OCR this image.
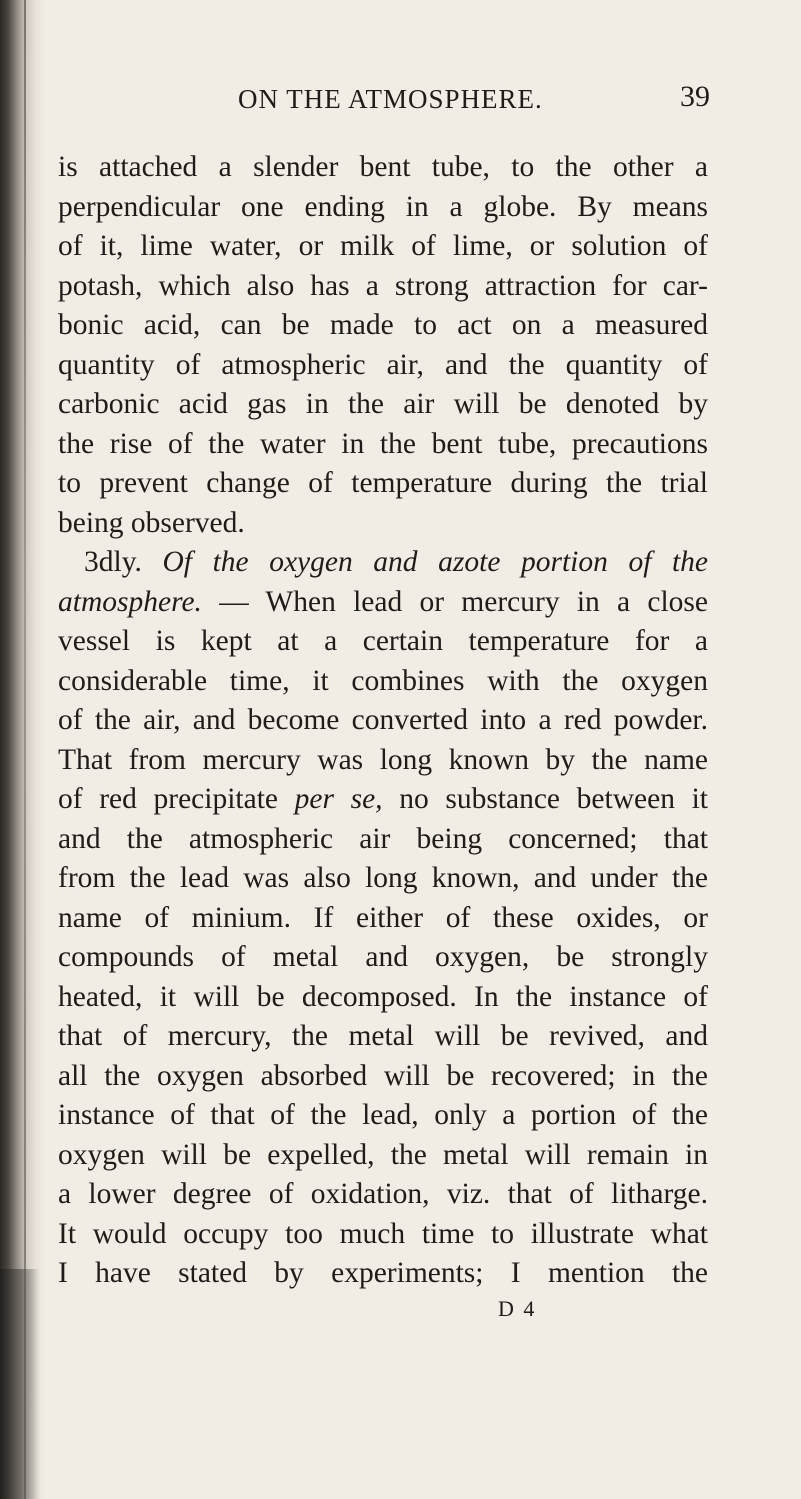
ON THE ATMOSPHERE.	39
is attached a slender bent tube, to the other a
perpendicular one ending in a globe. By means
of it, lime water, or milk of lime, or solution of
potash, which also has a strong attraction for car-
bonic acid, can be made to act on a measured
quantity of atmospheric air, and the quantity of
carbonic acid gas in the air will be denoted by
the rise of the water in the bent tube, precautions
to prevent change of temperature during the trial
being observed.
3dly. Of the oxygen and azote portion of the
atmosphere. — When lead or mercury in a close
vessel is kept at a certain temperature for a
considerable time, it combines with the oxygen
of the air, and become converted into a red powder.
That from mercury was long known by the name
of red precipitate per se, no substance between it
and the atmospheric air being concerned; that
from the lead was also long known, and under the
name of minium. If either of these oxides, or
compounds of metal and oxygen, be strongly
heated, it will be decomposed. In the instance of
that of mercury, the metal will be revived, and
all the oxygen absorbed will be recovered; in the
instance of that of the lead, only a portion of the
oxygen will be expelled, the metal will remain in
a lower degree of oxidation, viz. that of litharge.
It would occupy too much time to illustrate what
I have stated by experiments; I mention the
D 4
